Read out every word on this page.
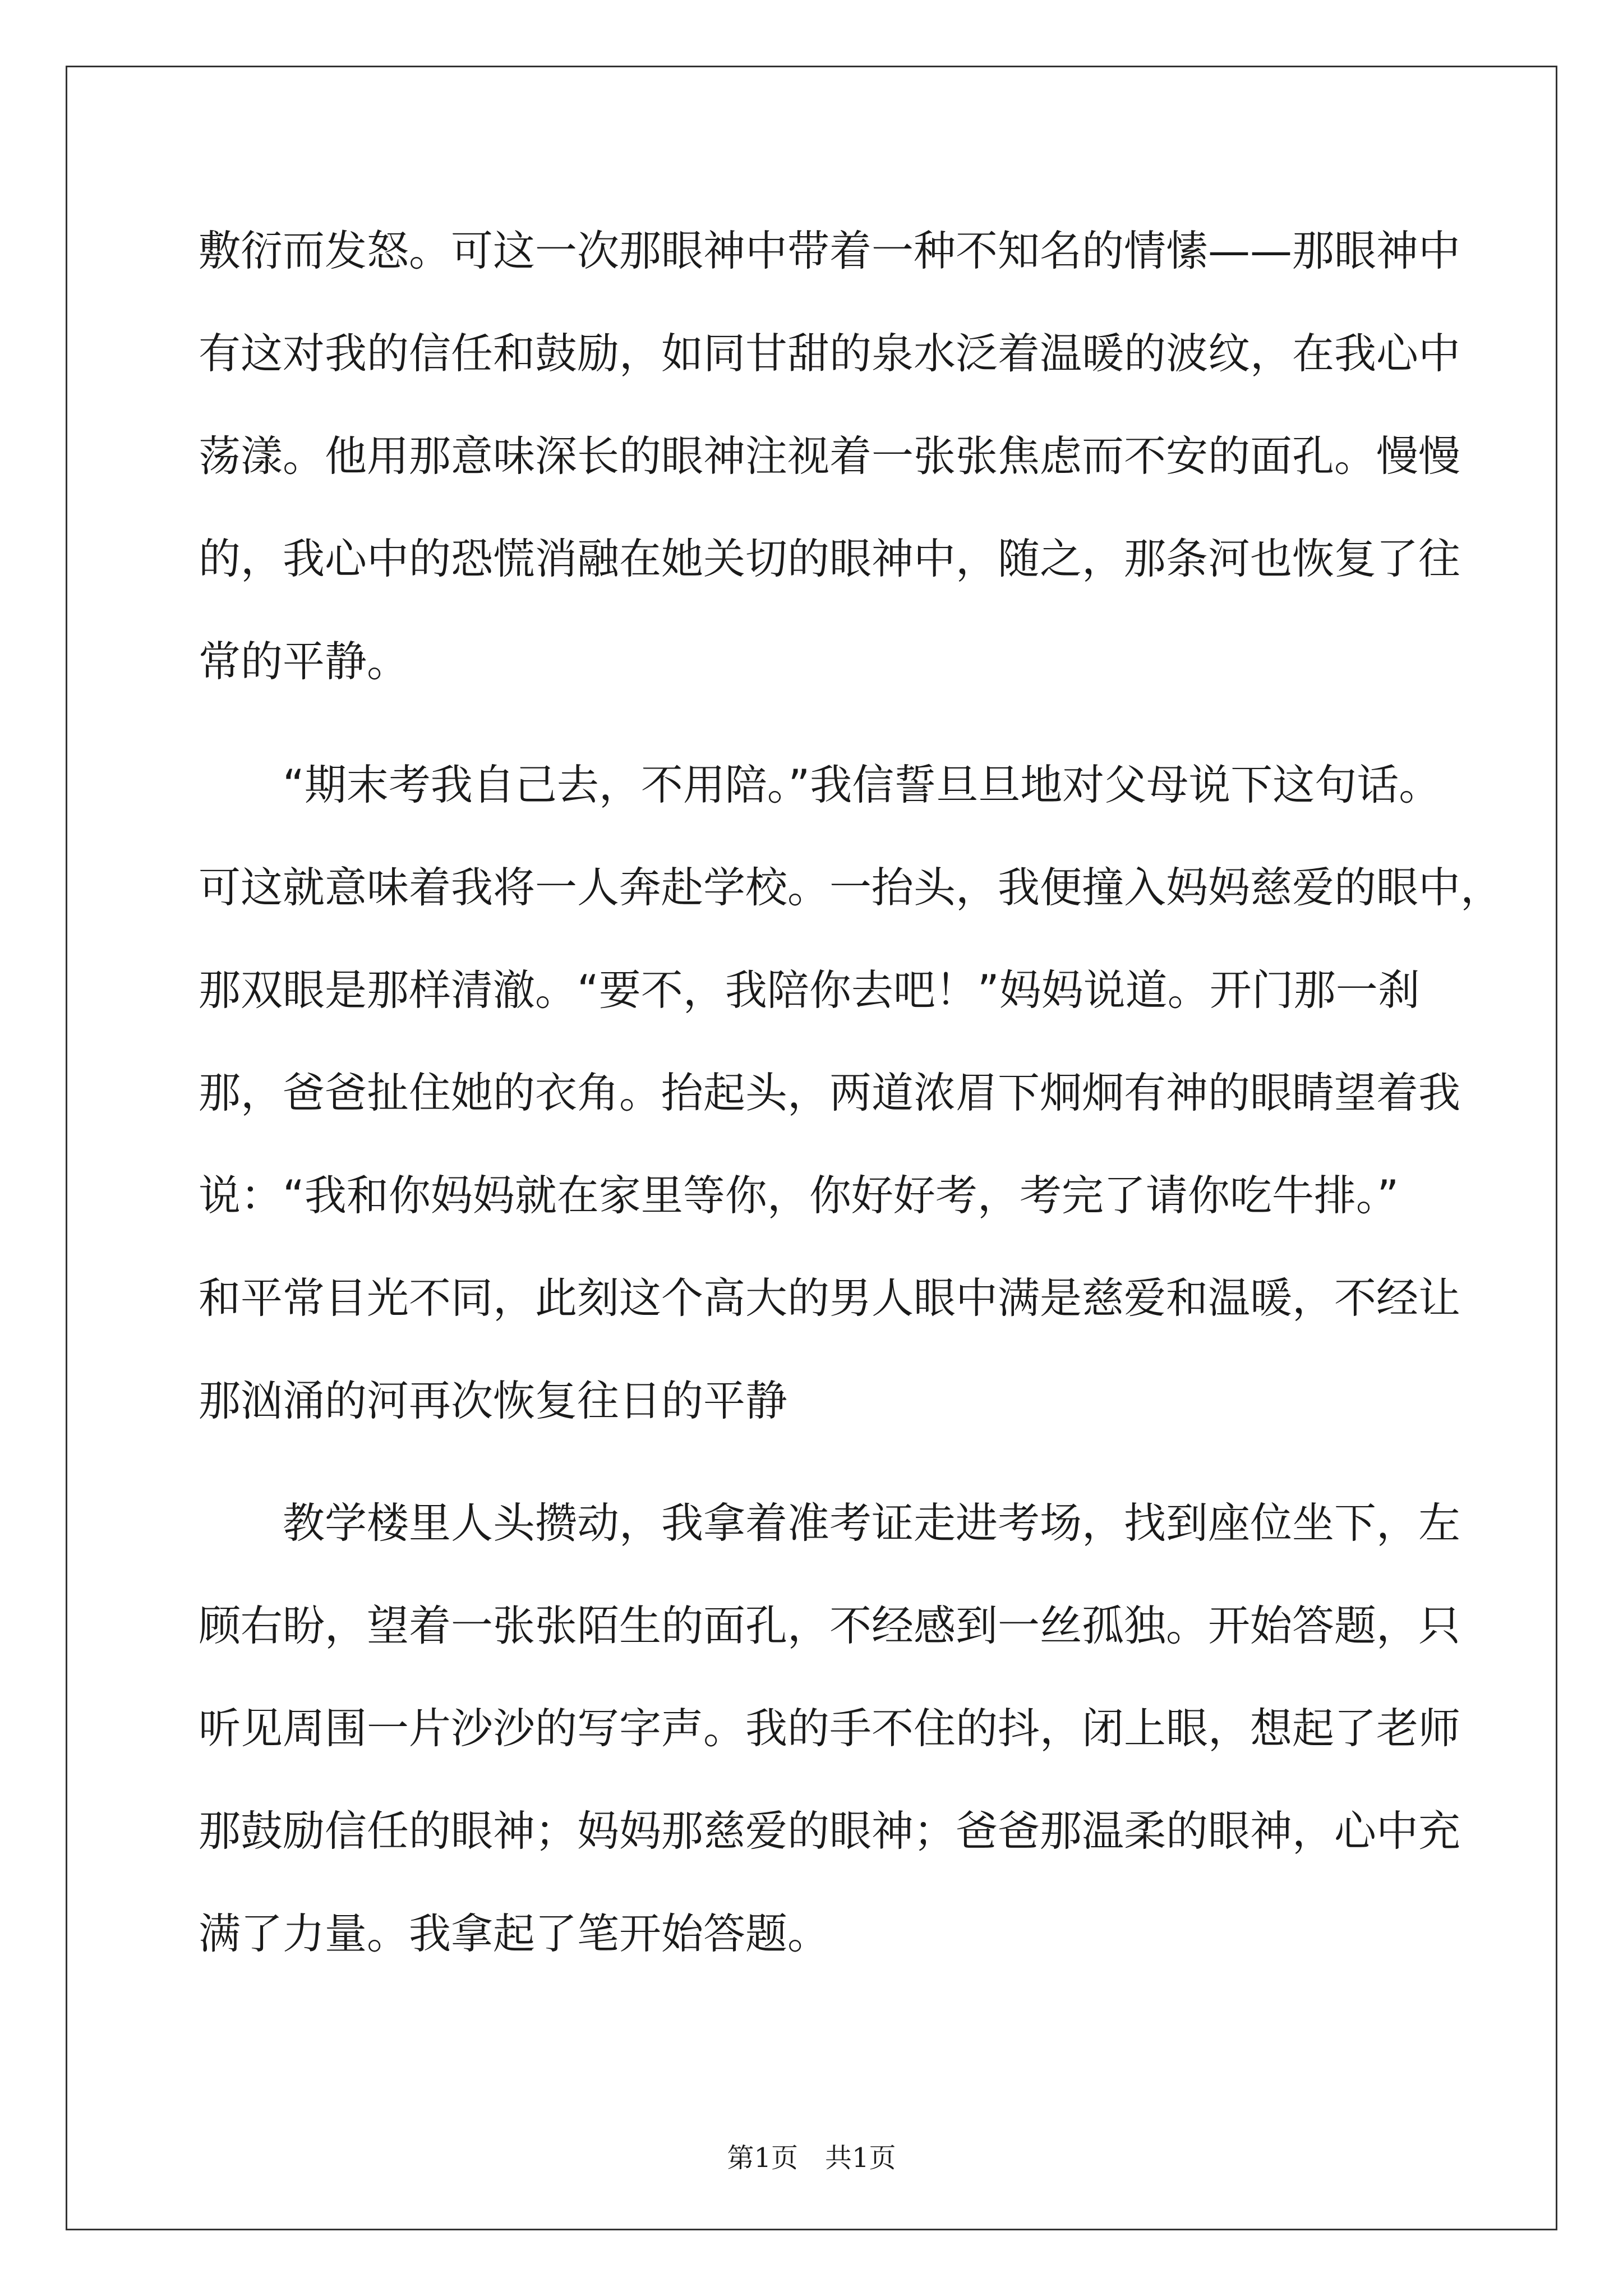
敷衍而发怒。可这一次那眼神中带着一种不知名的情愫——那眼神中
有这对我的信任和鼓励，如同甘甜的泉水泛着温暖的波纹，在我心中
荡漾。他用那意味深长的眼神注视着一张张焦虑而不安的面孔。慢慢
的，我心中的恐慌消融在她关切的眼神中，随之，那条河也恢复了往
常的平静。
　　“期末考我自己去，不用陪。”我信誓旦旦地对父母说下这句话。
可这就意味着我将一人奔赴学校。一抬头，我便撞入妈妈慈爱的眼中，
那双眼是那样清澈。“要不，我陪你去吧！”妈妈说道。开门那一刹
那，爸爸扯住她的衣角。抬起头，两道浓眉下炯炯有神的眼睛望着我
说：“我和你妈妈就在家里等你，你好好考，考完了请你吃牛排。”
和平常目光不同，此刻这个高大的男人眼中满是慈爱和温暖，不经让
那汹涌的河再次恢复往日的平静
　　教学楼里人头攒动，我拿着准考证走进考场，找到座位坐下，左
顾右盼，望着一张张陌生的面孔，不经感到一丝孤独。开始答题，只
听见周围一片沙沙的写字声。我的手不住的抖，闭上眼，想起了老师
那鼓励信任的眼神；妈妈那慈爱的眼神；爸爸那温柔的眼神，心中充
满了力量。我拿起了笔开始答题。
第1页　共1页
